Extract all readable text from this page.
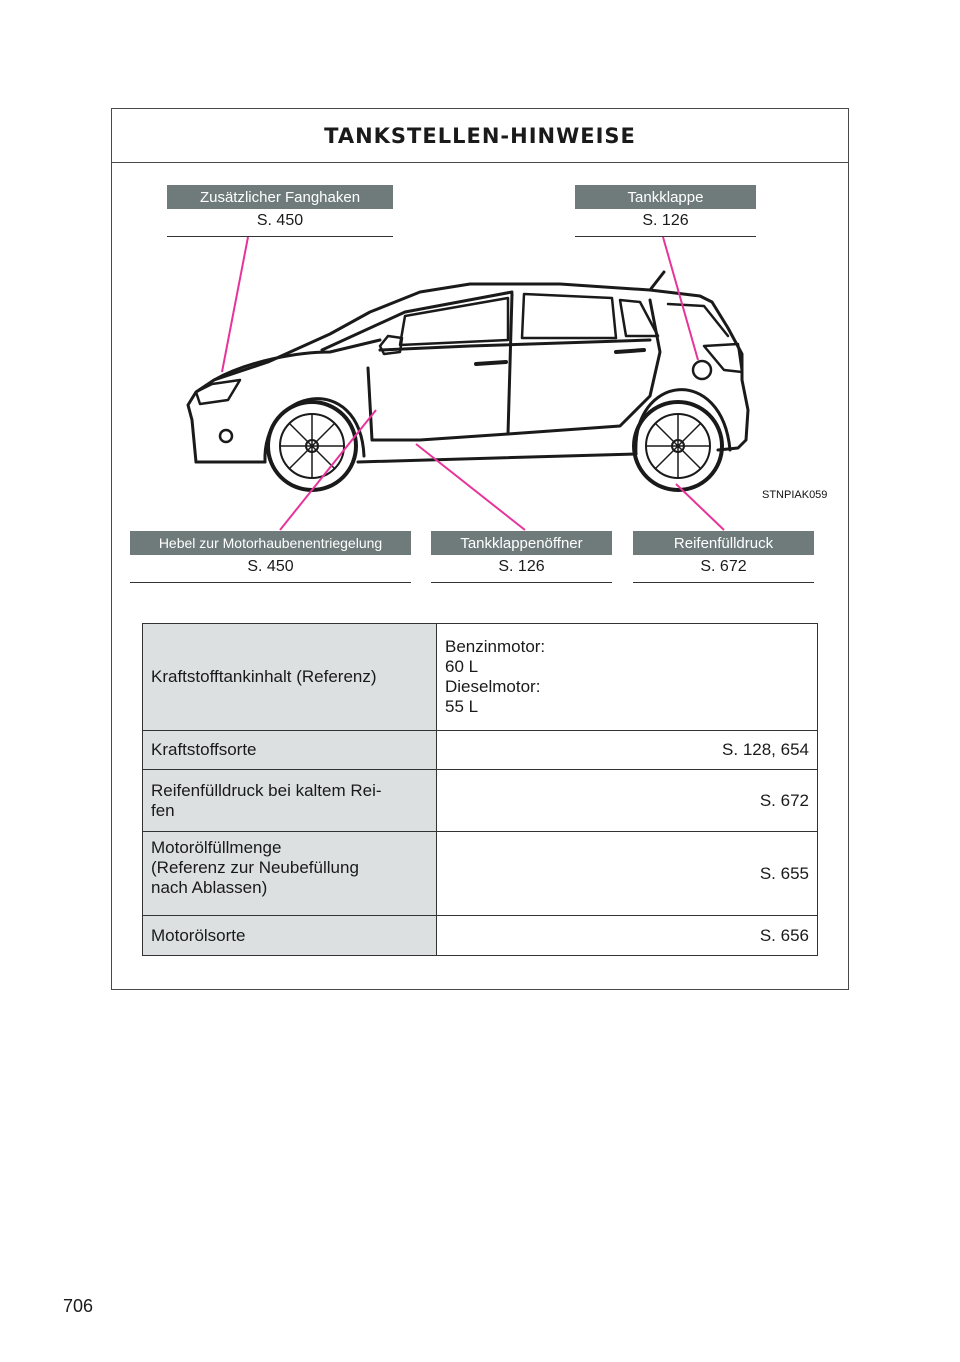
TANKSTELLEN-HINWEISE
STNPIAK059
Zusätzlicher Fanghaken
S. 450
Tankklappe
S. 126
Hebel zur Motorhaubenentriegelung
S. 450
Tankklappenöffner
S. 126
Reifenfülldruck
S. 672
Kraftstofftankinhalt (Referenz)	Benzinmotor:
60 L
Dieselmotor:
55 L

Kraftstoffsorte	S. 128, 654

Reifenfülldruck bei kaltem Rei-
fen	S. 672

Motorölfüllmenge
(Referenz zur Neubefüllung
nach Ablassen)	S. 655
Motorölsorte	S. 656
706
